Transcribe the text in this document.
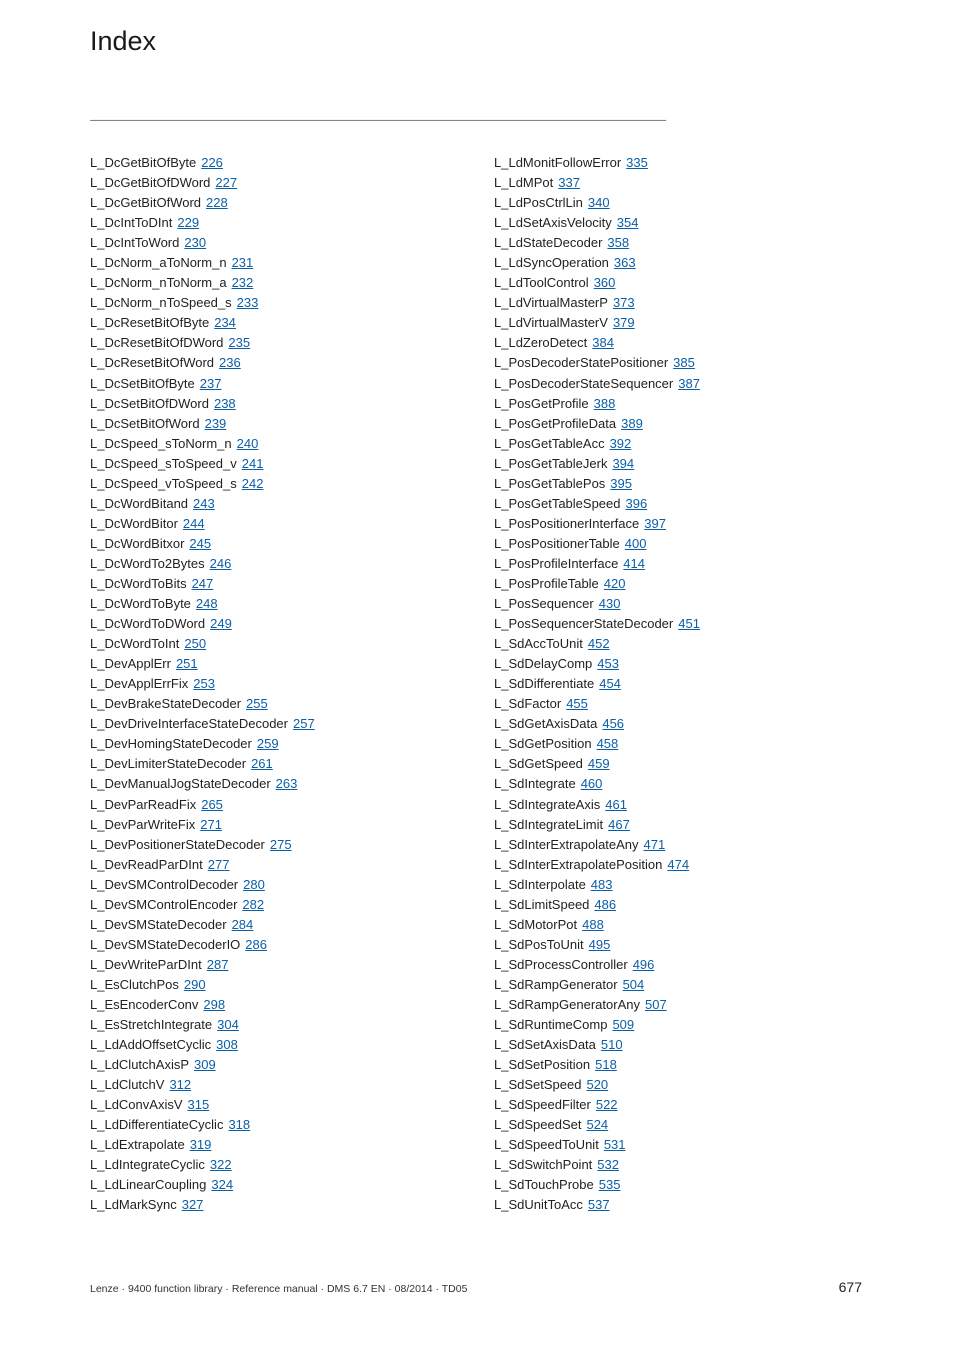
Index
________________________________________________________________
L_DcGetBitOfByte 226
L_DcGetBitOfDWord 227
L_DcGetBitOfWord 228
L_DcIntToDInt 229
L_DcIntToWord 230
L_DcNorm_aToNorm_n 231
L_DcNorm_nToNorm_a 232
L_DcNorm_nToSpeed_s 233
L_DcResetBitOfByte 234
L_DcResetBitOfDWord 235
L_DcResetBitOfWord 236
L_DcSetBitOfByte 237
L_DcSetBitOfDWord 238
L_DcSetBitOfWord 239
L_DcSpeed_sToNorm_n 240
L_DcSpeed_sToSpeed_v 241
L_DcSpeed_vToSpeed_s 242
L_DcWordBitand 243
L_DcWordBitor 244
L_DcWordBitxor 245
L_DcWordTo2Bytes 246
L_DcWordToBits 247
L_DcWordToByte 248
L_DcWordToDWord 249
L_DcWordToInt 250
L_DevApplErr 251
L_DevApplErrFix 253
L_DevBrakeStateDecoder 255
L_DevDriveInterfaceStateDecoder 257
L_DevHomingStateDecoder 259
L_DevLimiterStateDecoder 261
L_DevManualJogStateDecoder 263
L_DevParReadFix 265
L_DevParWriteFix 271
L_DevPositionerStateDecoder 275
L_DevReadParDInt 277
L_DevSMControlDecoder 280
L_DevSMControlEncoder 282
L_DevSMStateDecoder 284
L_DevSMStateDecoderIO 286
L_DevWriteParDInt 287
L_EsClutchPos 290
L_EsEncoderConv 298
L_EsStretchIntegrate 304
L_LdAddOffsetCyclic 308
L_LdClutchAxisP 309
L_LdClutchV 312
L_LdConvAxisV 315
L_LdDifferentiateCyclic 318
L_LdExtrapolate 319
L_LdIntegrateCyclic 322
L_LdLinearCoupling 324
L_LdMarkSync 327
L_LdMonitFollowError 335
L_LdMPot 337
L_LdPosCtrlLin 340
L_LdSetAxisVelocity 354
L_LdStateDecoder 358
L_LdSyncOperation 363
L_LdToolControl 360
L_LdVirtualMasterP 373
L_LdVirtualMasterV 379
L_LdZeroDetect 384
L_PosDecoderStatePositioner 385
L_PosDecoderStateSequencer 387
L_PosGetProfile 388
L_PosGetProfileData 389
L_PosGetTableAcc 392
L_PosGetTableJerk 394
L_PosGetTablePos 395
L_PosGetTableSpeed 396
L_PosPositionerInterface 397
L_PosPositionerTable 400
L_PosProfileInterface 414
L_PosProfileTable 420
L_PosSequencer 430
L_PosSequencerStateDecoder 451
L_SdAccToUnit 452
L_SdDelayComp 453
L_SdDifferentiate 454
L_SdFactor 455
L_SdGetAxisData 456
L_SdGetPosition 458
L_SdGetSpeed 459
L_SdIntegrate 460
L_SdIntegrateAxis 461
L_SdIntegrateLimit 467
L_SdInterExtrapolateAny 471
L_SdInterExtrapolatePosition 474
L_SdInterpolate 483
L_SdLimitSpeed 486
L_SdMotorPot 488
L_SdPosToUnit 495
L_SdProcessController 496
L_SdRampGenerator 504
L_SdRampGeneratorAny 507
L_SdRuntimeComp 509
L_SdSetAxisData 510
L_SdSetPosition 518
L_SdSetSpeed 520
L_SdSpeedFilter 522
L_SdSpeedSet 524
L_SdSpeedToUnit 531
L_SdSwitchPoint 532
L_SdTouchProbe 535
L_SdUnitToAcc 537
Lenze · 9400 function library · Reference manual · DMS 6.7 EN · 08/2014 · TD05	677
